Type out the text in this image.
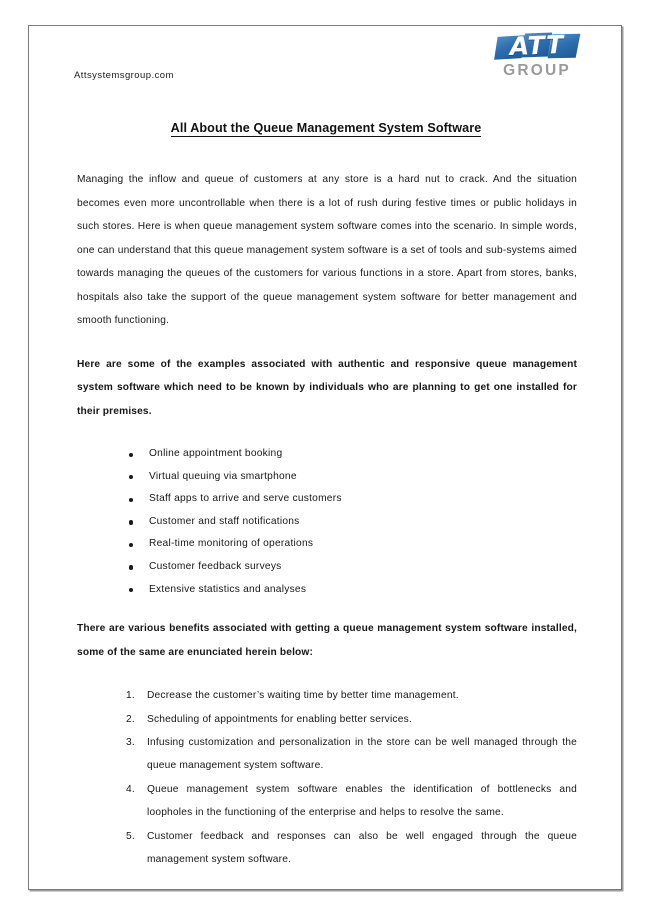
Attsystemsgroup.com
ATT
GROUP
All About the Queue Management System Software

Managing the inflow and queue of customers at any store is a hard nut to crack. And the situation becomes even more uncontrollable when there is a lot of rush during festive times or public holidays in such stores. Here is when queue management system software comes into the scenario. In simple words, one can understand that this queue management system software is a set of tools and sub-systems aimed towards managing the queues of the customers for various functions in a store. Apart from stores, banks, hospitals also take the support of the queue management system software for better management and smooth functioning.

Here are some of the examples associated with authentic and responsive queue management system software which need to be known by individuals who are planning to get one installed for their premises.

Online appointment booking
Virtual queuing via smartphone
Staff apps to arrive and serve customers
Customer and staff notifications
Real-time monitoring of operations
Customer feedback surveys
Extensive statistics and analyses

There are various benefits associated with getting a queue management system software installed, some of the same are enunciated herein below:

Decrease the customer’s waiting time by better time management.
Scheduling of appointments for enabling better services.
Infusing customization and personalization in the store can be well managed through the queue management system software.
Queue management system software enables the identification of bottlenecks and loopholes in the functioning of the enterprise and helps to resolve the same.
Customer feedback and responses can also be well engaged through the queue management system software.
